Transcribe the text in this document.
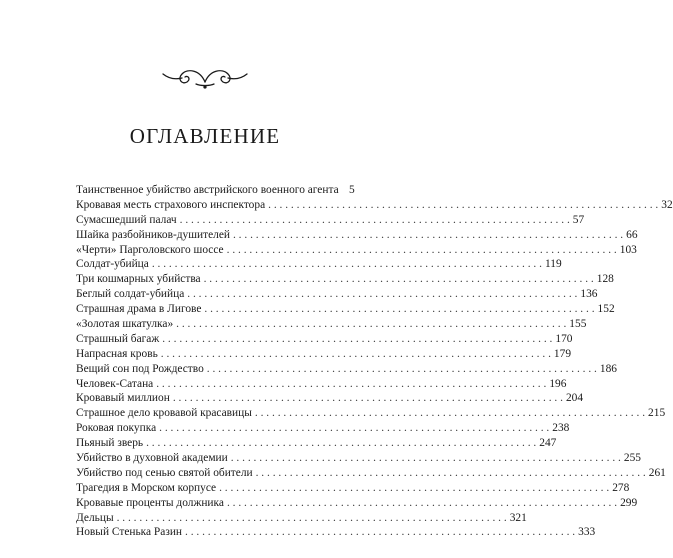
ОГЛАВЛЕНИЕ
Таинственное убийство австрийского военного агента 5
Кровавая месть страхового инспектора . . .	32
Сумасшедший палач . . .	57
Шайка разбойников-душителей . . .	66
«Черти» Парголовского шоссе . . .	103
Солдат-убийца . . .	119
Три кошмарных убийства . . .	128
Беглый солдат-убийца . . .	136
Страшная драма в Лигове . . .	152
«Золотая шкатулка» . . .	155
Страшный багаж . . .	170
Напрасная кровь . . .	179
Вещий сон под Рождество . . .	186
Человек-Сатана . . .	196
Кровавый миллион . . .	204
Страшное дело кровавой красавицы . . .	215
Роковая покупка . . .	238
Пьяный зверь . . .	247
Убийство в духовной академии . . .	255
Убийство под сенью святой обители . . .	261
Трагедия в Морском корпусе . . .	278
Кровавые проценты должника . . .	299
Дельцы . . .	321
Новый Стенька Разин . . .	333
